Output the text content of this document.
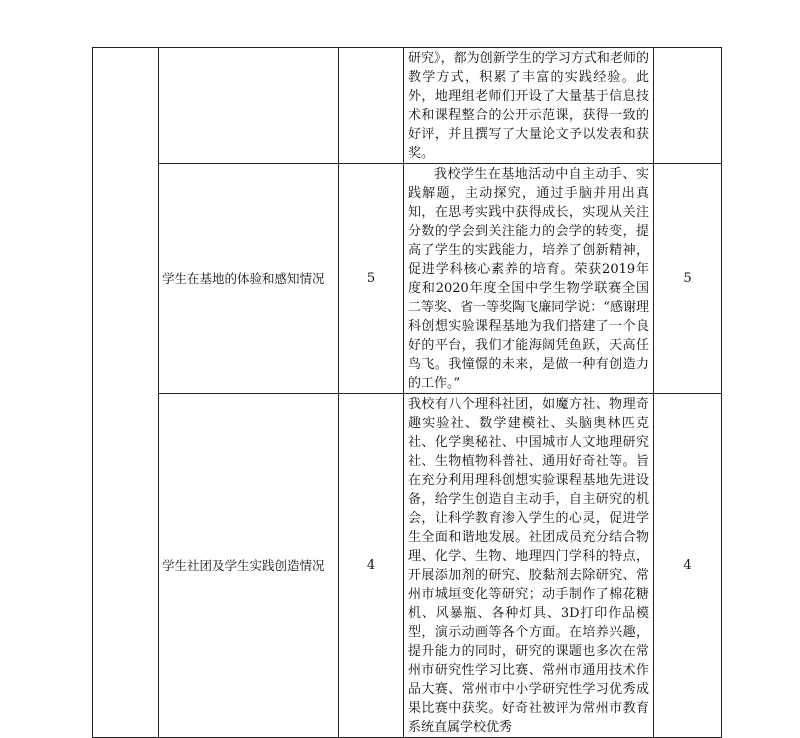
			研究》，都为创新学生的学习方式和老师的教学方式，积累了丰富的实践经验。此外，地理组老师们开设了大量基于信息技术和课程整合的公开示范课，获得一致的好评，并且撰写了大量论文予以发表和获奖。	

	学生在基地的体验和感知情况	5	我校学生在基地活动中自主动手、实践解题，主动探究，通过手脑并用出真知，在思考实践中获得成长，实现从关注分数的学会到关注能力的会学的转变，提高了学生的实践能力，培养了创新精神，促进学科核心素养的培育。荣获2019年度和2020年度全国中学生物学联赛全国二等奖、省一等奖陶飞廉同学说：“感谢理科创想实验课程基地为我们搭建了一个良好的平台，我们才能海阔凭鱼跃，天高任鸟飞。我憧憬的未来，是做一种有创造力的工作。”	5
	学生社团及学生实践创造情况	4	我校有八个理科社团，如魔方社、物理奇趣实验社、数学建模社、头脑奥林匹克社、化学奥秘社、中国城市人文地理研究社、生物植物科普社、通用好奇社等。旨在充分利用理科创想实验课程基地先进设备，给学生创造自主动手，自主研究的机会，让科学教育渗入学生的心灵，促进学生全面和谐地发展。社团成员充分结合物理、化学、生物、地理四门学科的特点，开展添加剂的研究、胶黏剂去除研究、常州市城垣变化等研究；动手制作了棉花糖机、风暴瓶、各种灯具、3D打印作品模型，演示动画等各个方面。在培养兴趣，提升能力的同时，研究的课题也多次在常州市研究性学习比赛、常州市通用技术作品大赛、常州市中小学研究性学习优秀成果比赛中获奖。好奇社被评为常州市教育系统直属学校优秀	4
